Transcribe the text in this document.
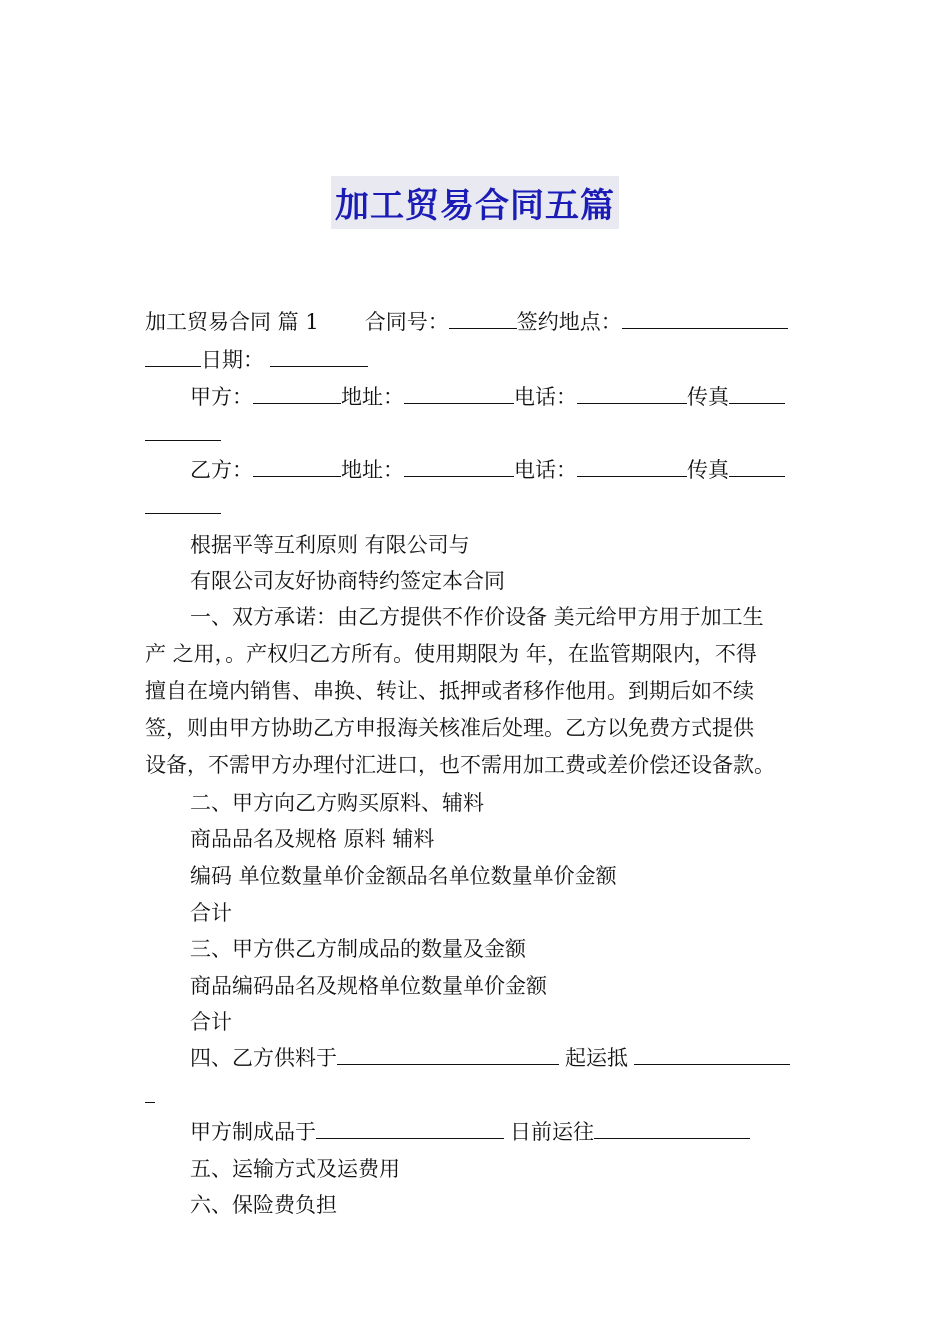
加工贸易合同五篇
加工贸易合同 篇 1 合同号：	签约地点：
日期：
甲方：	地址：	电话：	传真
乙方：	地址：	电话：	传真
根据平等互利原则 有限公司与
有限公司友好协商特约签定本合同
一、双方承诺：由乙方提供不作价设备 美元给甲方用于加工生
产 之用，。产权归乙方所有。使用期限为 年，在监管期限内，不得
擅自在境内销售、串换、转让、抵押或者移作他用。到期后如不续
签，则由甲方协助乙方申报海关核准后处理。乙方以免费方式提供
设备，不需甲方办理付汇进口，也不需用加工费或差价偿还设备款。
二、甲方向乙方购买原料、辅料
商品品名及规格 原料 辅料
编码 单位数量单价金额品名单位数量单价金额
合计
三、甲方供乙方制成品的数量及金额
商品编码品名及规格单位数量单价金额
合计
四、乙方供料于	起运抵
甲方制成品于	日前运往
五、运输方式及运费用
六、保险费负担
